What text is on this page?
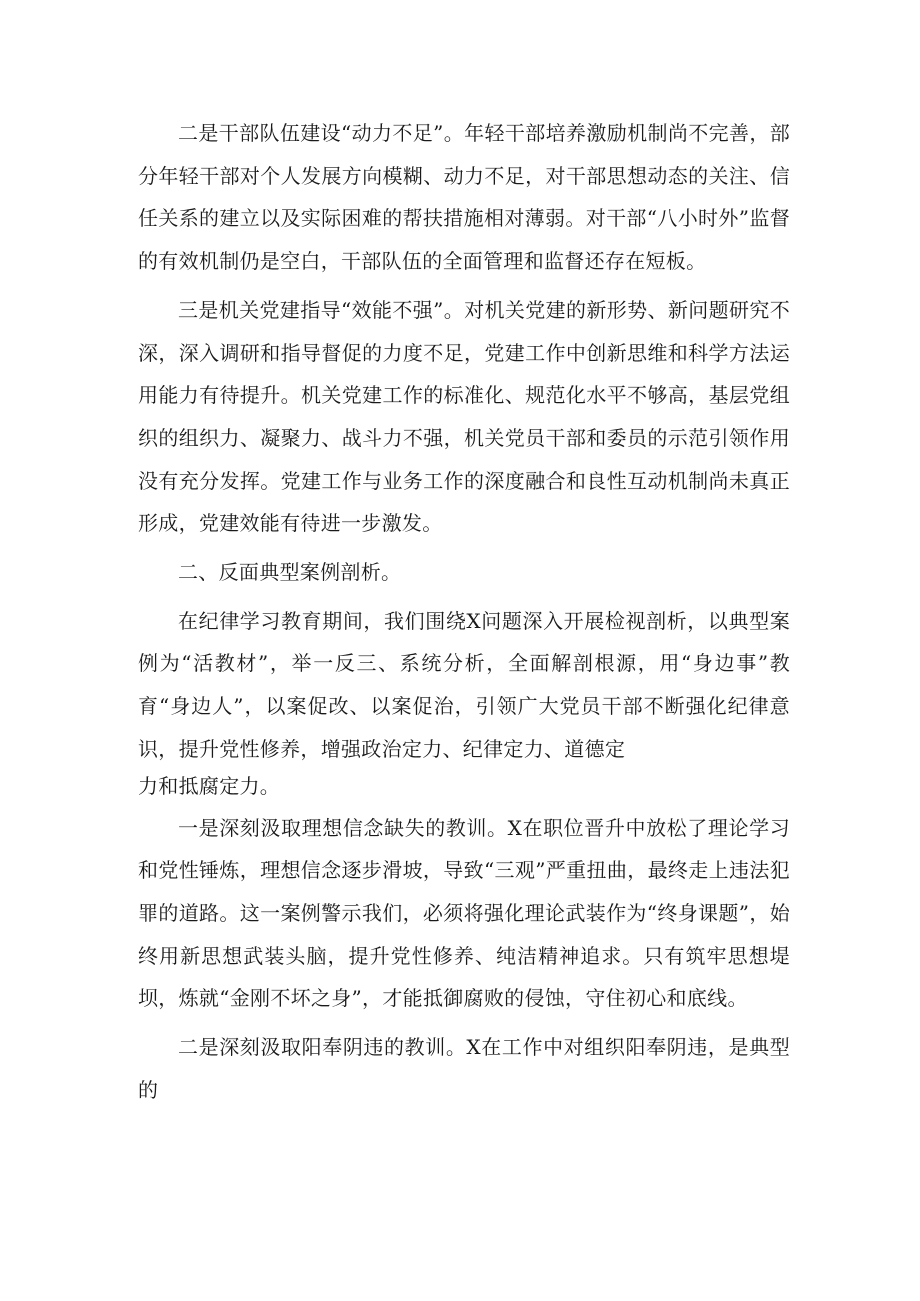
二是干部队伍建设“动力不足”。年轻干部培养激励机制尚不完善，部分年轻干部对个人发展方向模糊、动力不足，对干部思想动态的关注、信任关系的建立以及实际困难的帮扶措施相对薄弱。对干部“八小时外”监督的有效机制仍是空白，干部队伍的全面管理和监督还存在短板。

三是机关党建指导“效能不强”。对机关党建的新形势、新问题研究不深，深入调研和指导督促的力度不足，党建工作中创新思维和科学方法运用能力有待提升。机关党建工作的标准化、规范化水平不够高，基层党组织的组织力、凝聚力、战斗力不强，机关党员干部和委员的示范引领作用没有充分发挥。党建工作与业务工作的深度融合和良性互动机制尚未真正形成，党建效能有待进一步激发。

二、反面典型案例剖析。

在纪律学习教育期间，我们围绕X问题深入开展检视剖析，以典型案例为“活教材”，举一反三、系统分析，全面解剖根源，用“身边事”教育“身边人”，以案促改、以案促治，引领广大党员干部不断强化纪律意识，提升党性修养，增强政治定力、纪律定力、道德定

力和抵腐定力。

一是深刻汲取理想信念缺失的教训。X在职位晋升中放松了理论学习和党性锤炼，理想信念逐步滑坡，导致“三观”严重扭曲，最终走上违法犯罪的道路。这一案例警示我们，必须将强化理论武装作为“终身课题”，始终用新思想武装头脑，提升党性修养、纯洁精神追求。只有筑牢思想堤坝，炼就“金刚不坏之身”，才能抵御腐败的侵蚀，守住初心和底线。

二是深刻汲取阳奉阴违的教训。X在工作中对组织阳奉阴违，是典型的
